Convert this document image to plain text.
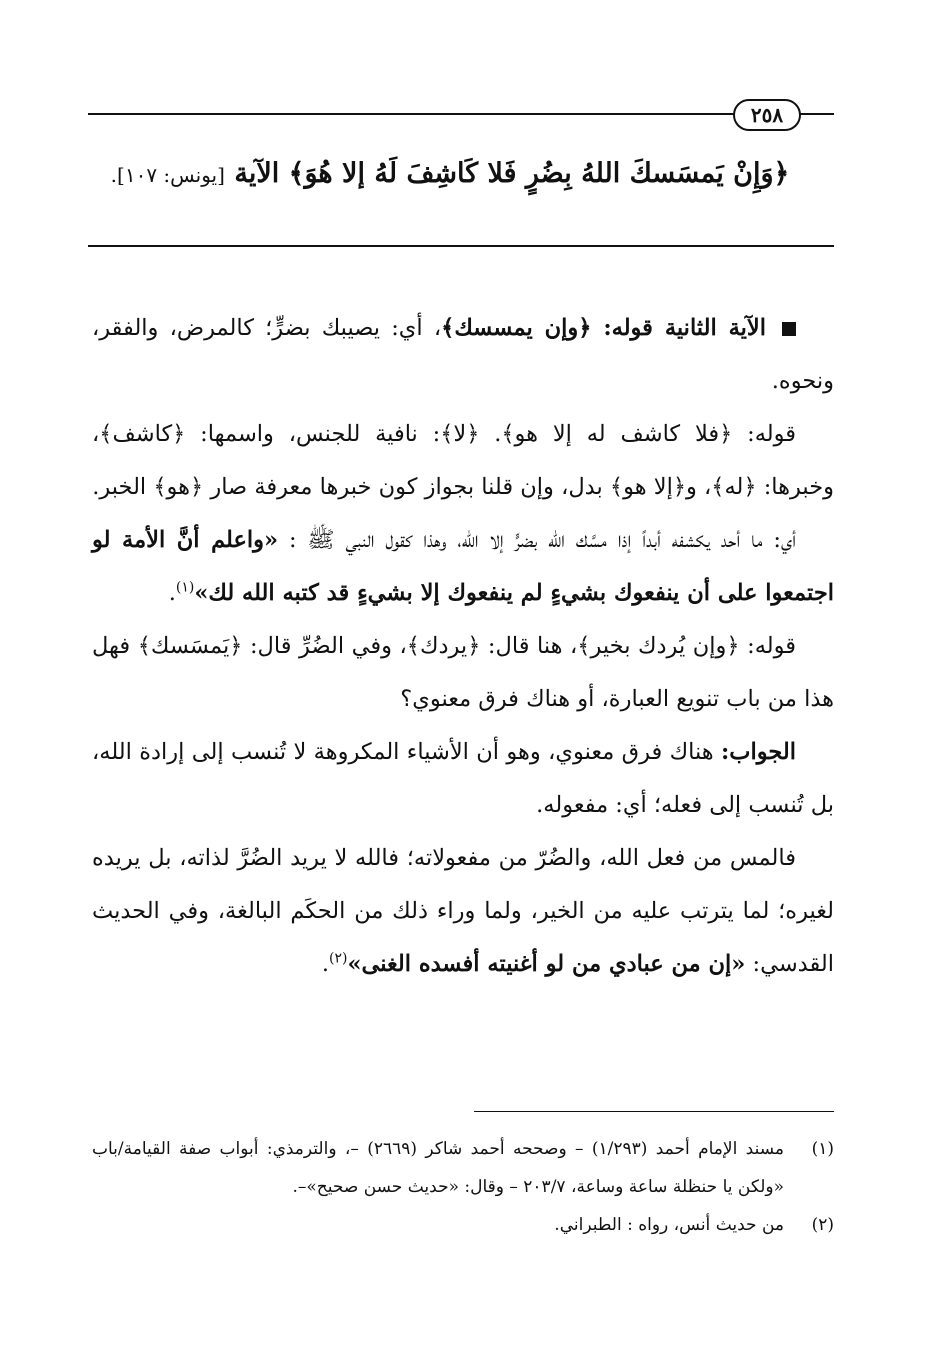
٢٥٨
﴿وَإِنْ يَمسَسكَ اللهُ بِضُرٍ فَلا كَاشِفَ لَهُ إلا هُوَ﴾ الآية [يونس: ١٠٧].

الآية الثانية قوله: ﴿وإن يمسسك﴾، أي: يصيبك بضرٍّ؛ كالمرض، والفقر، ونحوه.

قوله: ﴿فلا كاشف له إلا هو﴾. ﴿لا﴾: نافية للجنس، واسمها: ﴿كاشف﴾، وخبرها: ﴿له﴾، و﴿إلا هو﴾ بدل، وإن قلنا بجواز كون خبرها معرفة صار ﴿هو﴾ الخبر.

أي: ما أحد يكشفه أبداً إذا مسَّك الله بضرٍّ إلا الله، وهذا كقول النبي ﷺ : «واعلم أنَّ الأمة لو اجتمعوا على أن ينفعوك بشيءٍ لم ينفعوك إلا بشيءٍ قد كتبه الله لك»$^{(١)}$.

قوله: ﴿وإن يُردك بخير﴾، هنا قال: ﴿يردك﴾، وفي الضُرِّ قال: ﴿يَمسَسك﴾ فهل هذا من باب تنويع العبارة، أو هناك فرق معنوي؟

الجواب: هناك فرق معنوي، وهو أن الأشياء المكروهة لا تُنسب إلى إرادة الله، بل تُنسب إلى فعله؛ أي: مفعوله.

فالمس من فعل الله، والضُرّ من مفعولاته؛ فالله لا يريد الضُرَّ لذاته، بل يريده لغيره؛ لما يترتب عليه من الخير، ولما وراء ذلك من الحكَم البالغة، وفي الحديث القدسي: «إن من عبادي من لو أغنيته أفسده الغنى»$^{(٢)}$.

(١)
مسند الإمام أحمد (١/٢٩٣) – وصححه أحمد شاكر (٢٦٦٩) –، والترمذي: أبواب صفة القيامة/باب «ولكن يا حنظلة ساعة وساعة، ٢٠٣/٧ – وقال: «حديث حسن صحيح»–.
(٢)
من حديث أنس، رواه : الطبراني.
